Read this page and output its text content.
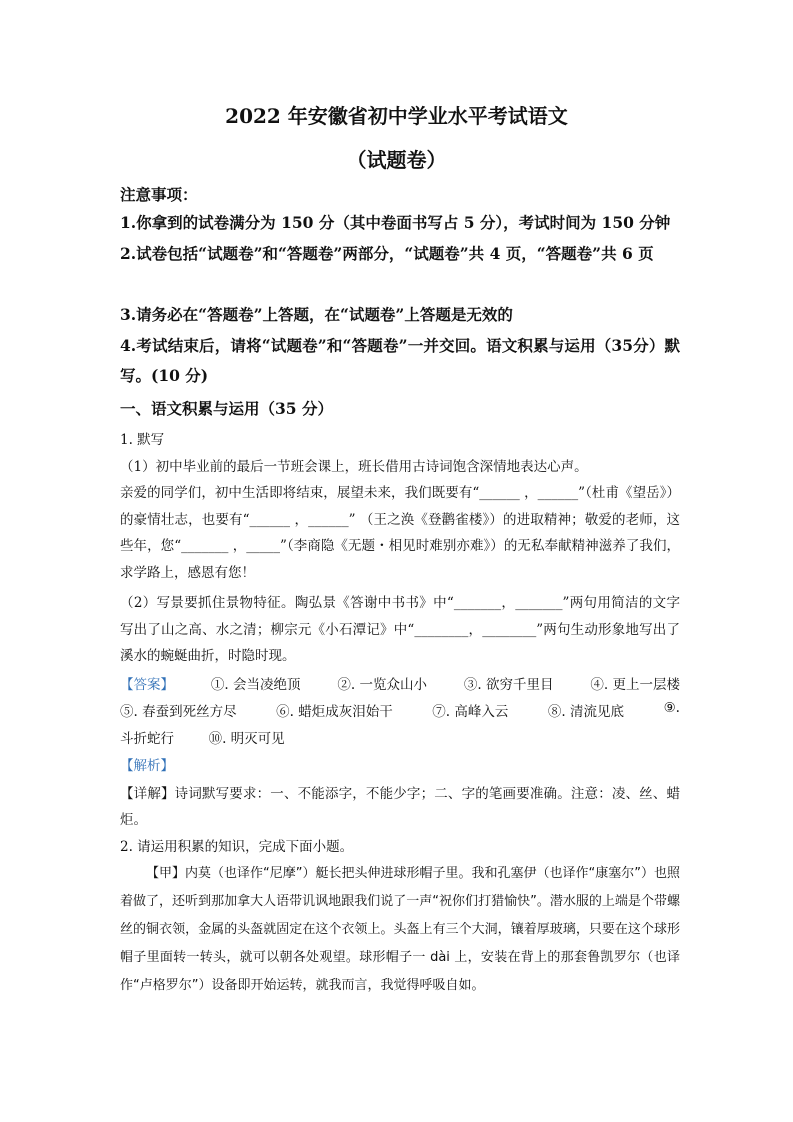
2022 年安徽省初中学业水平考试语文
（试题卷）
注意事项：
1.你拿到的试卷满分为 150 分（其中卷面书写占 5 分），考试时间为 150 分钟
2.试卷包括“试题卷”和“答题卷”两部分，“试题卷”共 4 页，“答题卷”共 6 页
3.请务必在“答题卷”上答题，在“试题卷”上答题是无效的
4.考试结束后，请将“试题卷”和“答题卷”一并交回。语文积累与运用（35分）默写。(10 分)
一、语文积累与运用（35 分）
1. 默写
（1）初中毕业前的最后一节班会课上，班长借用古诗词饱含深情地表达心声。
亲爱的同学们，初中生活即将结束，展望未来，我们既要有“______ ，______”（杜甫《望岳》）的豪情壮志，也要有“______ ，______” （王之涣《登鹳雀楼》）的进取精神；敬爱的老师，这些年，您“_______ ，_____”（李商隐《无题・相见时难别亦难》）的无私奉献精神滋养了我们，求学路上，感恩有您！
（2）写景要抓住景物特征。陶弘景《答谢中书书》中“_______，_______”两句用简洁的文字写出了山之高、水之清；柳宗元《小石潭记》中“________，________”两句生动形象地写出了溪水的蜿蜒曲折，时隐时现。
【答案】	①. 会当凌绝顶	②. 一览众山小	③. 欲穷千里目	④. 更上一层楼
⑤. 春蚕到死丝方尽	⑥. 蜡炬成灰泪始干	⑦. 高峰入云	⑧. 清流见底	⑨.
斗折蛇行	⑩. 明灭可见
【解析】
【详解】诗词默写要求：一、不能添字，不能少字；二、字的笔画要准确。注意：凌、丝、蜡炬。
2. 请运用积累的知识，完成下面小题。
【甲】内莫（也译作“尼摩”）艇长把头伸进球形帽子里。我和孔塞伊（也译作“康塞尔”）也照着做了，还听到那加拿大人语带讥讽地跟我们说了一声“祝你们打猎愉快”。潜水服的上端是个带螺丝的铜衣领，金属的头盔就固定在这个衣领上。头盔上有三个大洞，镶着厚玻璃，只要在这个球形帽子里面转一转头，就可以朝各处观望。球形帽子一 dài 上，安装在背上的那套鲁凯罗尔（也译作“卢格罗尔”）设备即开始运转，就我而言，我觉得呼吸自如。
